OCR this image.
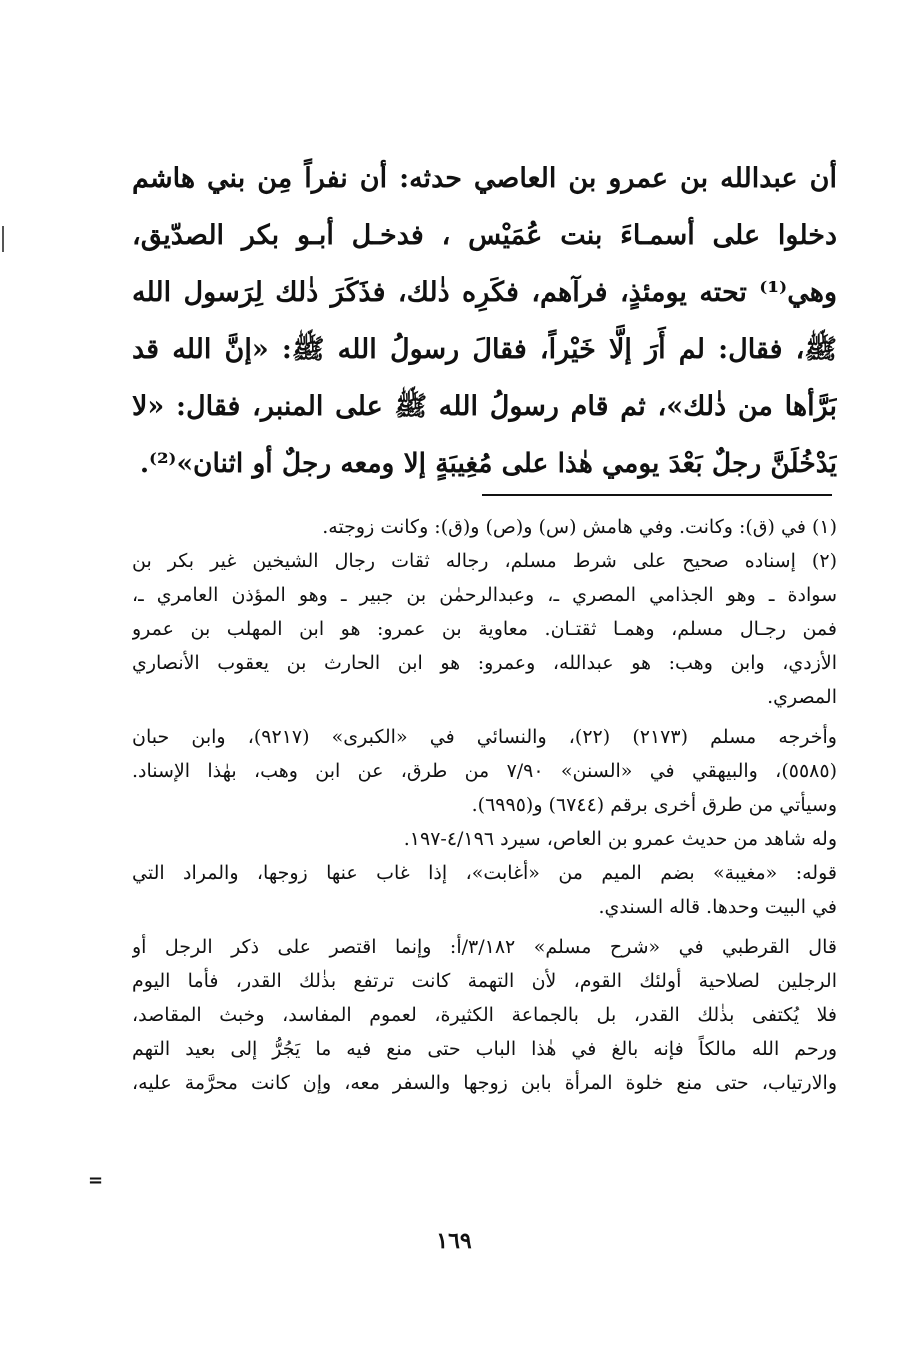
أن عبدالله بن عمرو بن العاصي حدثه: أن نفراً مِن بني هاشم
دخلوا على أسمـاءَ بنت عُمَيْس ، فدخـل أبـو بكر الصدّيق،
وهي⁽¹⁾ تحته يومئذٍ، فرآهم، فكَرِه ذٰلك، فذَكَرَ ذٰلك لِرَسول الله
ﷺ، فقال: لم أَرَ إلَّا خَيْراً، فقالَ رسولُ الله ﷺ: «إنَّ الله قد
بَرَّأها من ذٰلك»، ثم قام رسولُ الله ﷺ على المنبر، فقال: «لا
يَدْخُلَنَّ رجلٌ بَعْدَ يومي هٰذا على مُغِيبَةٍ إلا ومعه رجلٌ أو اثنان»⁽²⁾.
(١) في (ق): وكانت. وفي هامش (س) و(ص) و(ق): وكانت زوجته.
(٢) إسناده صحيح على شرط مسلم، رجاله ثقات رجال الشيخين غير بكر بن
سوادة ـ وهو الجذامي المصري ـ، وعبدالرحمٰن بن جبير ـ وهو المؤذن العامري ـ،
فمن رجـال مسلم، وهمـا ثقتـان. معاوية بن عمرو: هو ابن المهلب بن عمرو
الأزدي، وابن وهب: هو عبدالله، وعمرو: هو ابن الحارث بن يعقوب الأنصاري
المصري.
وأخرجه مسلم (٢١٧٣) (٢٢)، والنسائي في «الكبرى» (٩٢١٧)، وابن حبان
(٥٥٨٥)، والبيهقي في «السنن» ٧/٩٠ من طرق، عن ابن وهب، بهٰذا الإسناد.
وسيأتي من طرق أخرى برقم (٦٧٤٤) و(٦٩٩٥).
وله شاهد من حديث عمرو بن العاص، سيرد ٤/١٩٦-١٩٧.
قوله: «مغيبة» بضم الميم من «أغابت»، إذا غاب عنها زوجها، والمراد التي
في البيت وحدها. قاله السندي.
قال القرطبي في «شرح مسلم» ٣/١٨٢/أ: وإنما اقتصر على ذكر الرجل أو
الرجلين لصلاحية أولئك القوم، لأن التهمة كانت ترتفع بذٰلك القدر، فأما اليوم
فلا يُكتفى بذٰلك القدر، بل بالجماعة الكثيرة، لعموم المفاسد، وخبث المقاصد،
ورحم الله مالكاً فإنه بالغ في هٰذا الباب حتى منع فيه ما يَجُرُّ إلى بعيد التهم
والارتياب، حتى منع خلوة المرأة بابن زوجها والسفر معه، وإن كانت محرَّمة عليه،
=
١٦٩
